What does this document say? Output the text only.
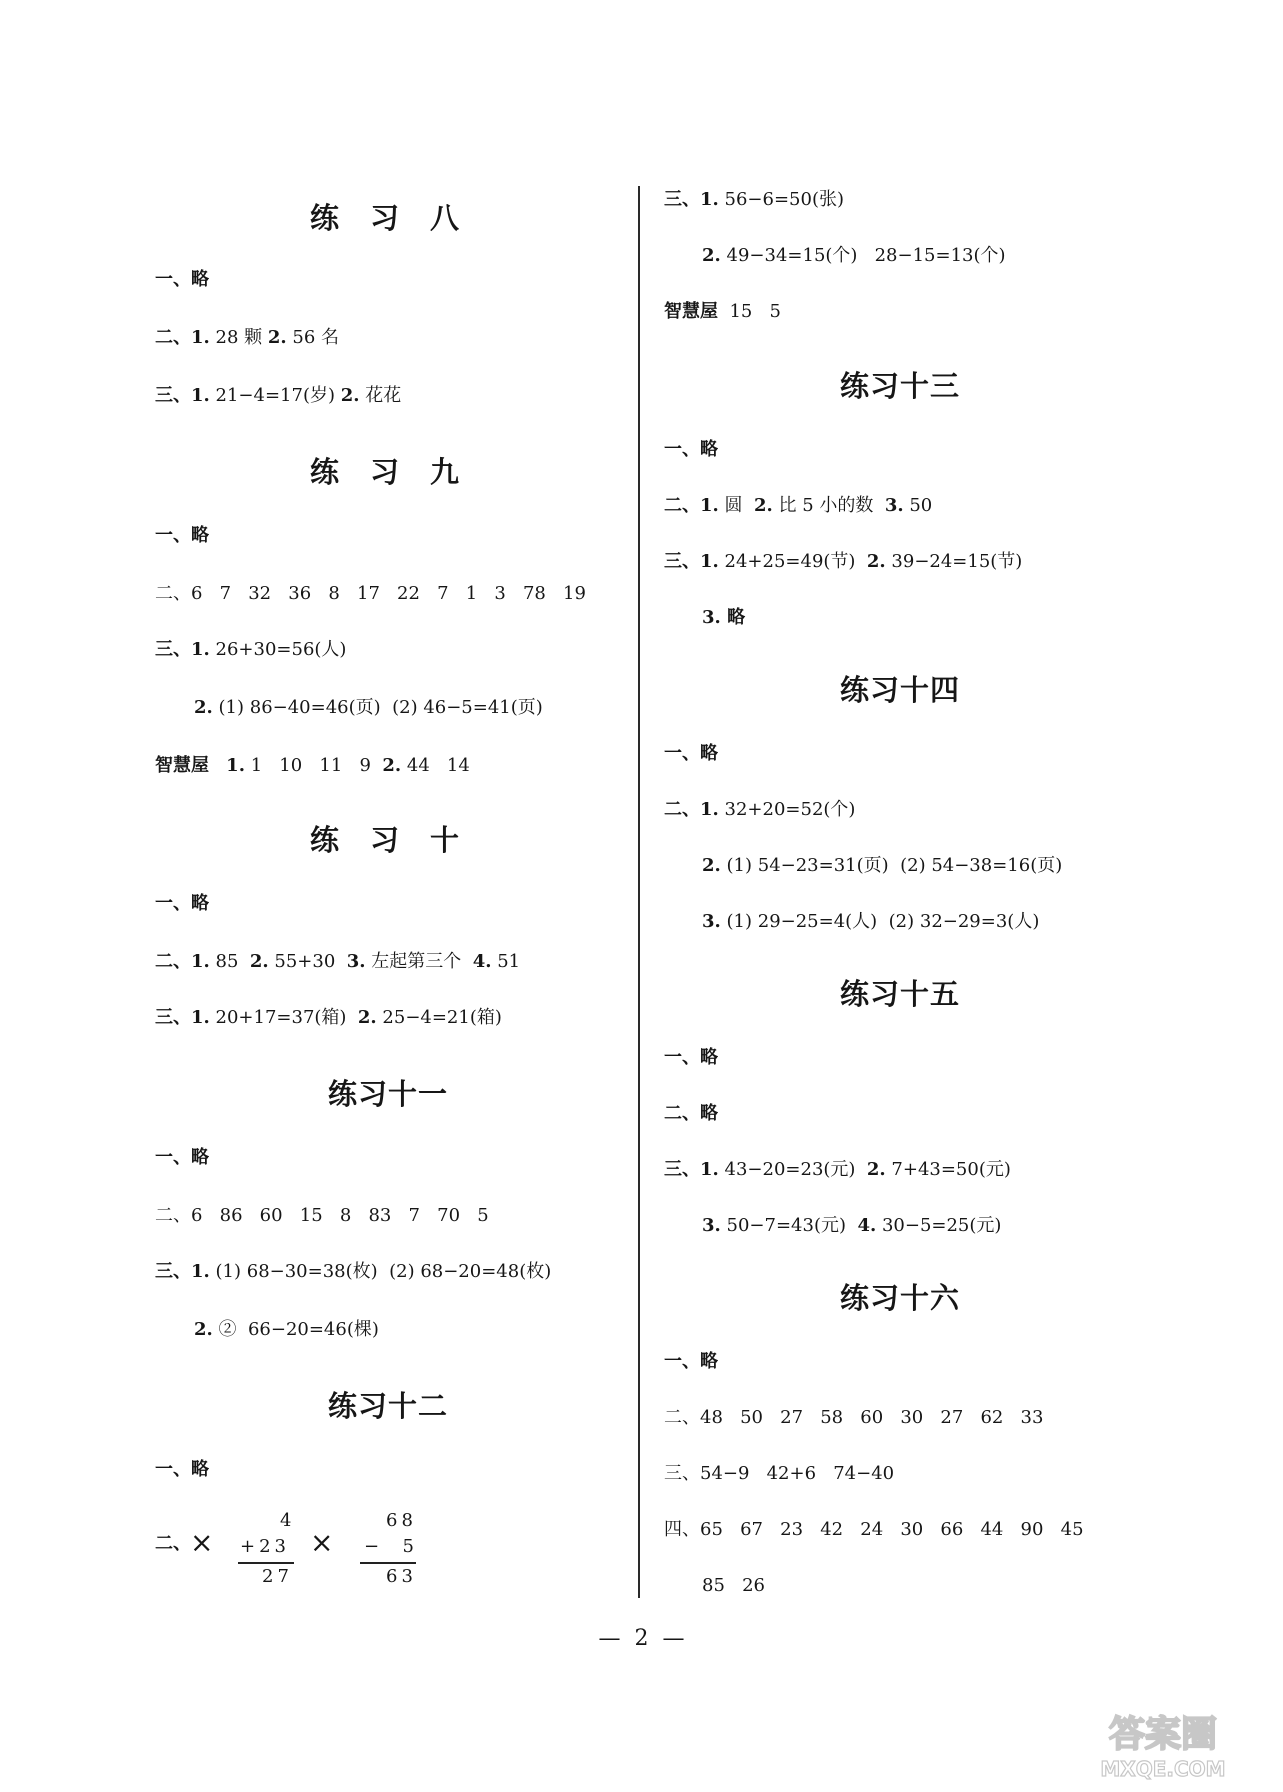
练　习　八
一、略
二、1. 28 颗 2. 56 名
三、1. 21−4=17(岁) 2. 花花
练　习　九
一、略
二、6   7   32   36   8   17   22   7   1   3   78   19
三、1. 26+30=56(人)
2. (1) 86−40=46(页)  (2) 46−5=41(页)
智慧屋 1. 1   10   11   9  2. 44   14
练　习　十
一、略
二、1. 85  2. 55+30  3. 左起第三个  4. 51
三、1. 20+17=37(箱)  2. 25−4=21(箱)
练习十一
一、略
二、6   86   60   15   8   83   7   70   5
三、1. (1) 68−30=38(枚)  (2) 68−20=48(枚)
2. ②  66−20=46(棵)
练习十二
一、略
二、 ×
4
+23
27
×
68
−  5
63
三、1. 56−6=50(张)
2. 49−34=15(个)   28−15=13(个)
智慧屋  15   5
练习十三
一、略
二、1. 圆  2. 比 5 小的数  3. 50
三、1. 24+25=49(节)  2. 39−24=15(节)
3. 略
练习十四
一、略
二、1. 32+20=52(个)
2. (1) 54−23=31(页)  (2) 54−38=16(页)
3. (1) 29−25=4(人)  (2) 32−29=3(人)
练习十五
一、略
二、略
三、1. 43−20=23(元)  2. 7+43=50(元)
3. 50−7=43(元)  4. 30−5=25(元)
练习十六
一、略
二、48   50   27   58   60   30   27   62   33
三、54−9   42+6   74−40
四、65   67   23   42   24   30   66   44   90   45
85   26
—  2  —
答案圈
MXQE.COM
